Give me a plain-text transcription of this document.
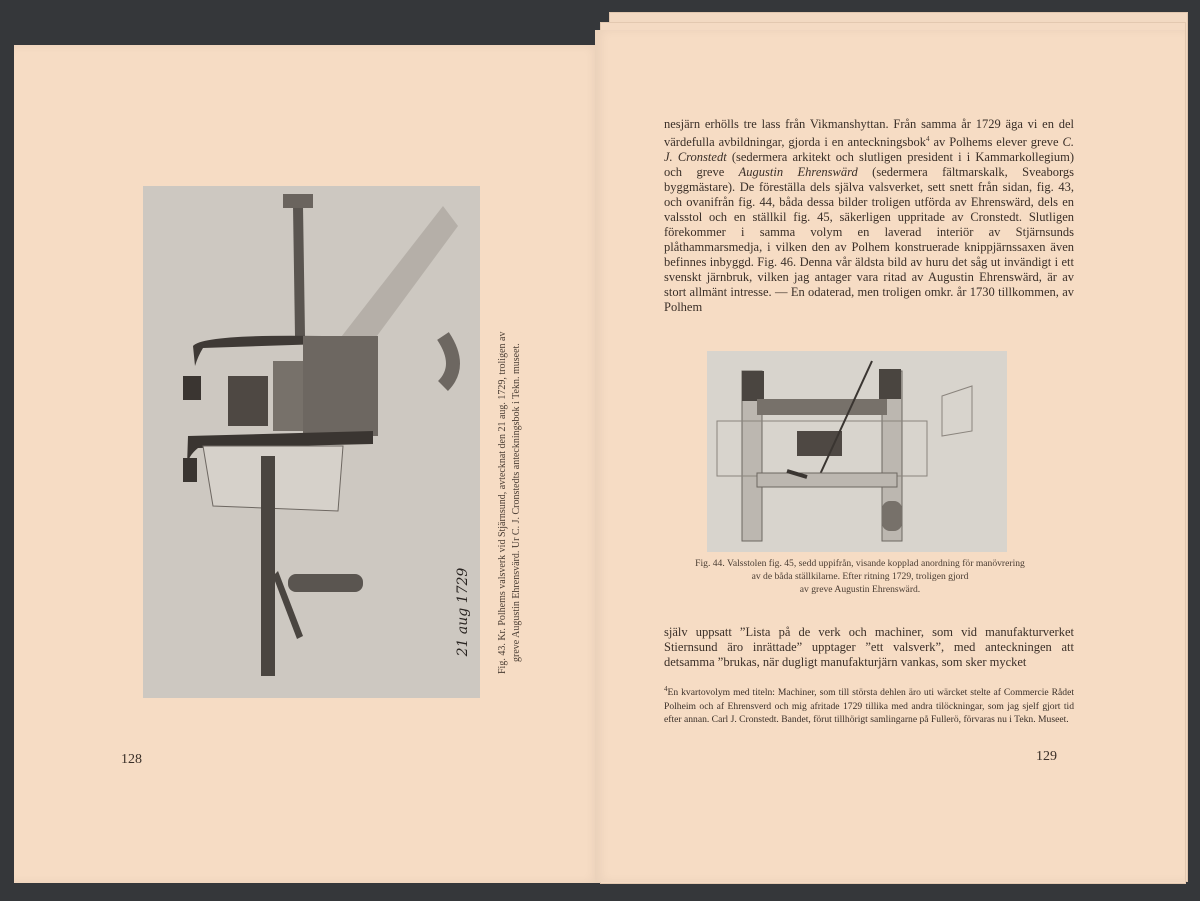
21 aug 1729	Fig. 43. Kr. Polhems valsverk vid Stjärnsund, avtecknat den 21 aug. 1729, troligen av greve Augustin Ehrensvärd. Ur C. J. Cronstedts anteckningsbok i Tekn. museet.
128

nesjärn erhölls tre lass från Vikmanshyttan. Från samma år 1729 äga vi en del värdefulla avbildningar, gjorda i en anteckningsbok$^4$ av Polhems elever greve C. J. Cronstedt (sedermera arkitekt och slutligen president i i Kammarkollegium) och greve Augustin Ehrenswärd (sedermera fältmarskalk, Sveaborgs byggmästare). De föreställa dels själva valsverket, sett snett från sidan, fig. 43, och ovanifrån fig. 44, båda dessa bilder troligen utförda av Ehrenswärd, dels en valsstol och en ställkil fig. 45, säkerligen uppritade av Cronstedt. Slutligen förekommer i samma volym en laverad interiör av Stjärnsunds plåthammarsmedja, i vilken den av Polhem konstruerade knippjärnssaxen även befinnes inbyggd. Fig. 46. Denna vår äldsta bild av huru det såg ut invändigt i ett svenskt järnbruk, vilken jag antager vara ritad av Augustin Ehrenswärd, är av stort allmänt intresse. — En odaterad, men troligen omkr. år 1730 tillkommen, av Polhem

Fig. 44. Valsstolen fig. 45, sedd uppifrån, visande kopplad anordning för manövrering
av de båda ställkilarne. Efter ritning 1729, troligen gjord
av greve Augustin Ehrenswärd.

själv uppsatt ”Lista på de verk och machiner, som vid manufakturverket Stiernsund äro inrättade” upptager ”ett valsverk”, med anteckningen att detsamma ”brukas, när dugligt manufakturjärn vankas, som sker mycket

$^4$En kvartovolym med titeln: Machiner, som till största dehlen äro uti wärcket stelte af Commercie Rådet Polheim och af Ehrensverd och mig afritade 1729 tillika med andra tilöckningar, som jag sjelf gjort tid efter annan. Carl J. Cronstedt. Bandet, förut tillhörigt samlingarne på Fullerö, förvaras nu i Tekn. Museet.
129
